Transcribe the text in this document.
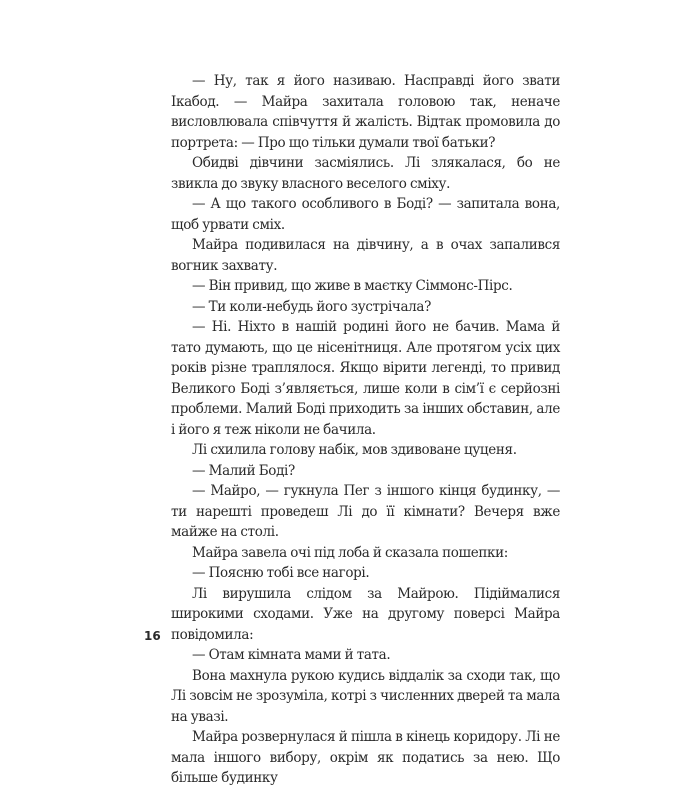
— Ну, так я його називаю. Насправді його звати Ікабод. — Майра захитала головою так, неначе висловлювала співчуття й жалість. Відтак промовила до портрета: — Про що тільки думали твої батьки?

Обидві дівчини засміялись. Лі злякалася, бо не звикла до звуку власного веселого сміху.

— А що такого особливого в Боді? — запитала вона, щоб урвати сміх.

Майра подивилася на дівчину, а в очах запалився вогник захвату.

— Він привид, що живе в маєтку Сіммонс-Пірс.

— Ти коли-небудь його зустрічала?

— Ні. Ніхто в нашій родині його не бачив. Мама й тато думають, що це нісенітниця. Але протягом усіх цих років різне траплялося. Якщо вірити легенді, то привид Великого Боді з’являється, лише коли в сім’ї є серйозні проблеми. Малий Боді приходить за інших обставин, але і його я теж ніколи не бачила.

Лі схилила голову набік, мов здивоване цуценя.

— Малий Боді?

— Майро, — гукнула Пег з іншого кінця будинку, — ти нарешті проведеш Лі до її кімнати? Вечеря вже майже на столі.

Майра завела очі під лоба й сказала пошепки:

— Поясню тобі все нагорі.

Лі вирушила слідом за Майрою. Підіймалися широкими сходами. Уже на другому поверсі Майра повідомила:

— Отам кімната мами й тата.

Вона махнула рукою кудись віддалік за сходи так, що Лі зовсім не зрозуміла, котрі з численних дверей та мала на увазі.

Майра розвернулася й пішла в кінець коридору. Лі не мала іншого вибору, окрім як податись за нею. Що більше будинку

16
